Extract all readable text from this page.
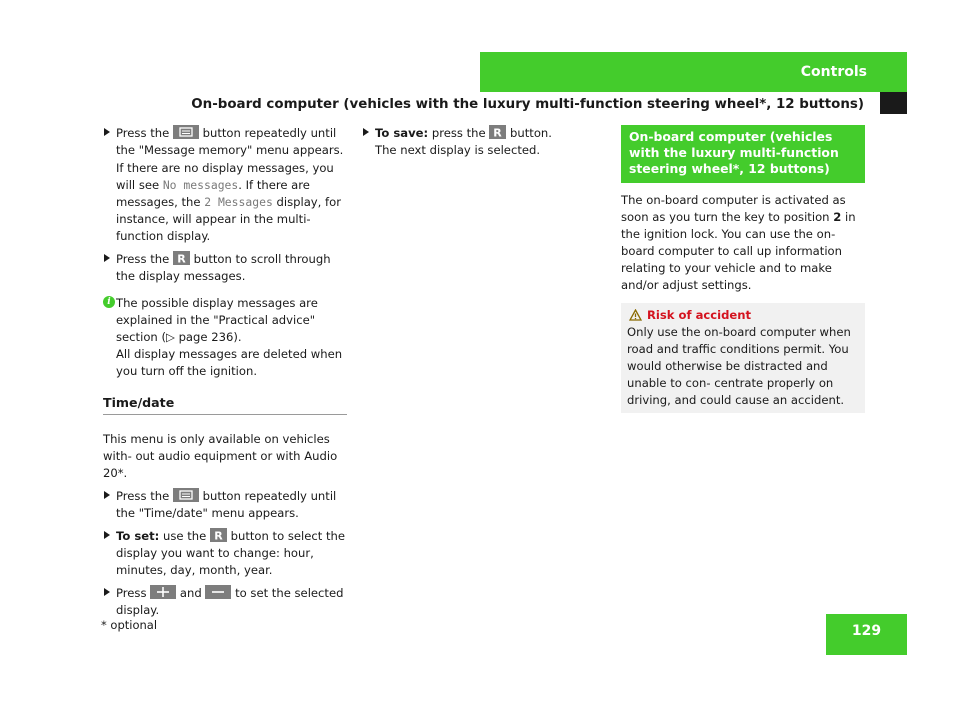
Controls
On-board computer (vehicles with the luxury multi-function steering wheel*, 12 buttons)
Press the	button repeatedly until the "Message memory" menu appears.
If there are no display messages, you will see No messages. If there are messages, the 2 Messages display, for instance, will appear in the multi-function display.
Press the R button to scroll through the display messages.
i The possible display messages are explained in the "Practical advice" section (▷ page 236).
All display messages are deleted when you turn off the ignition.
Time/date
This menu is only available on vehicles with- out audio equipment or with Audio 20*.
Press the	button repeatedly until the "Time/date" menu appears.
To set: use the R button to select the display you want to change: hour, minutes, day, month, year.
Press	and	to set the selected display.
To save: press the R button.
The next display is selected.
On-board computer (vehicles with the luxury multi-function steering wheel*, 12 buttons)
The on-board computer is activated as soon as you turn the key to position 2 in the ignition lock. You can use the on-board computer to call up information relating to your vehicle and to make and/or adjust settings.
Risk of accident
Only use the on-board computer when road and traffic conditions permit. You would otherwise be distracted and unable to con- centrate properly on driving, and could cause an accident.
* optional	129
